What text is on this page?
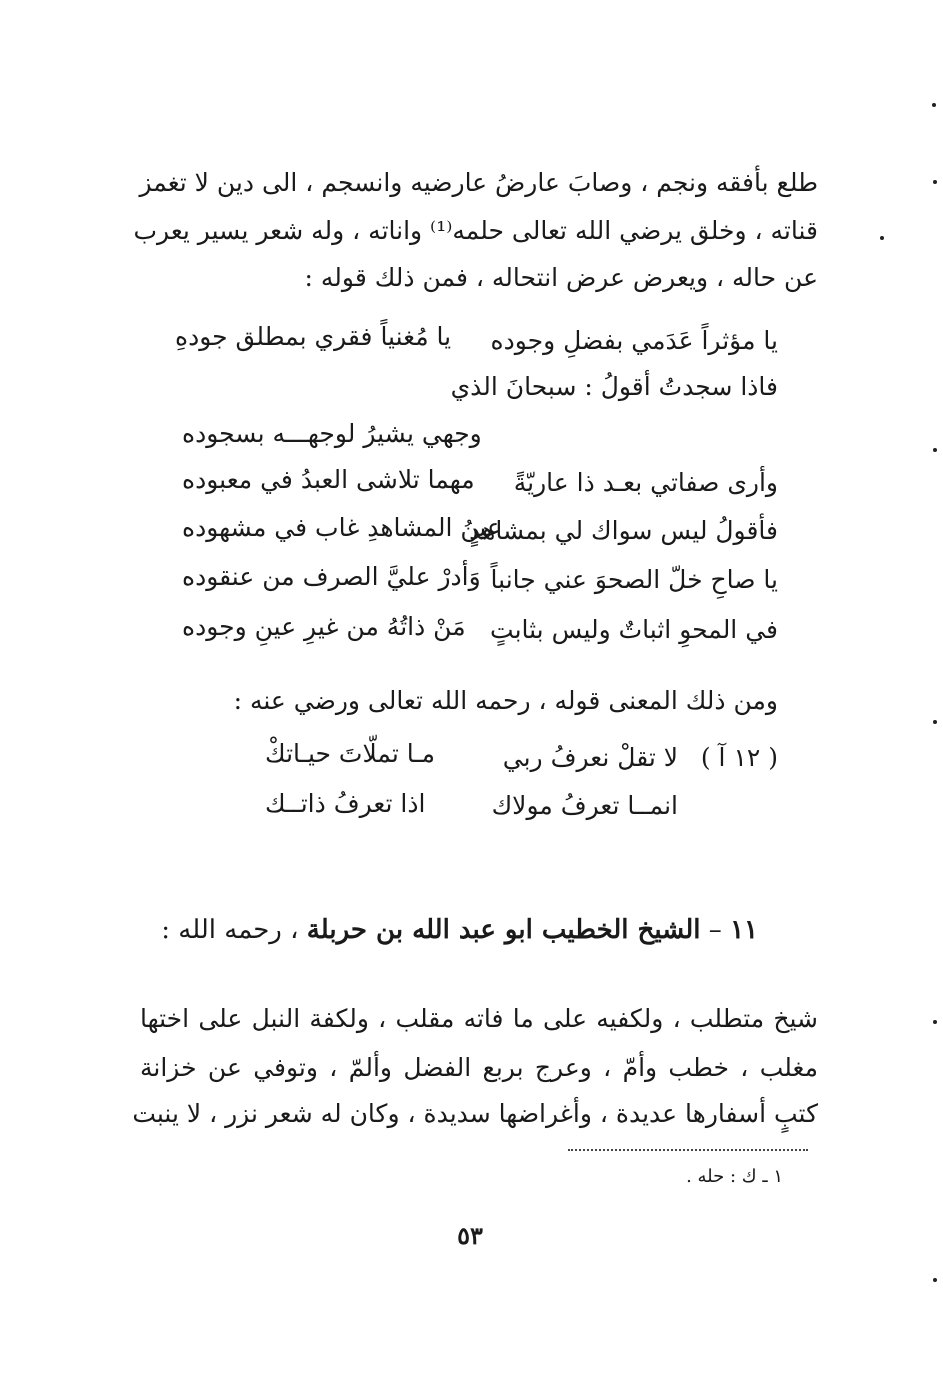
طلع بأفقه ونجم ، وصابَ عارضُ عارضيه وانسجم ، الى دين لا تغمز
قناته ، وخلق يرضي الله تعالى حلمه⁽¹⁾ واناته ، وله شعر يسير يعرب
عن حاله ، ويعرض عرض انتحاله ، فمن ذلك قوله :
يا مؤثراً عَدَمي بفضلِ وجوده
يا مُغنياً فقري بمطلق جودهِ
فاذا سجدتُ أقولُ : سبحانَ الذي
وجهي يشيرُ لوجهـــه بسجوده
وأرى صفاتي بعـد ذا عاريّةً
مهما تلاشى العبدُ في معبوده
فأقولُ ليس سواك لي بمشاهدٍ
عينُ المشاهدِ غاب في مشهوده
يا صاحِ خلّ الصحوَ عني جانباً
وَأدرْ عليَّ الصرف من عنقوده
في المحوِ اثباتٌ وليس بثابتٍ
مَنْ ذاتُهُ من غيرِ عينِ وجوده
ومن ذلك المعنى قوله ، رحمه الله تعالى ورضي عنه :
( ١٢ آ )
لا تقلْ نعرفُ ربي
مـا تملّاتَ حيـاتكْ
انمــا تعرفُ مولاك
اذا تعرفُ ذاتــك
١١ – الشيخ الخطيب ابو عبد الله بن حربلة ، رحمه الله :
شيخ متطلب ، ولكفيه على ما فاته مقلب ، ولكفة النبل على اختها
مغلب ، خطب وأمّ ، وعرج بربع الفضل وألمّ ، وتوفي عن خزانة
كتبٍ أسفارها عديدة ، وأغراضها سديدة ، وكان له شعر نزر ، لا ينبت
١ ـ ك : حله .
٥٣
